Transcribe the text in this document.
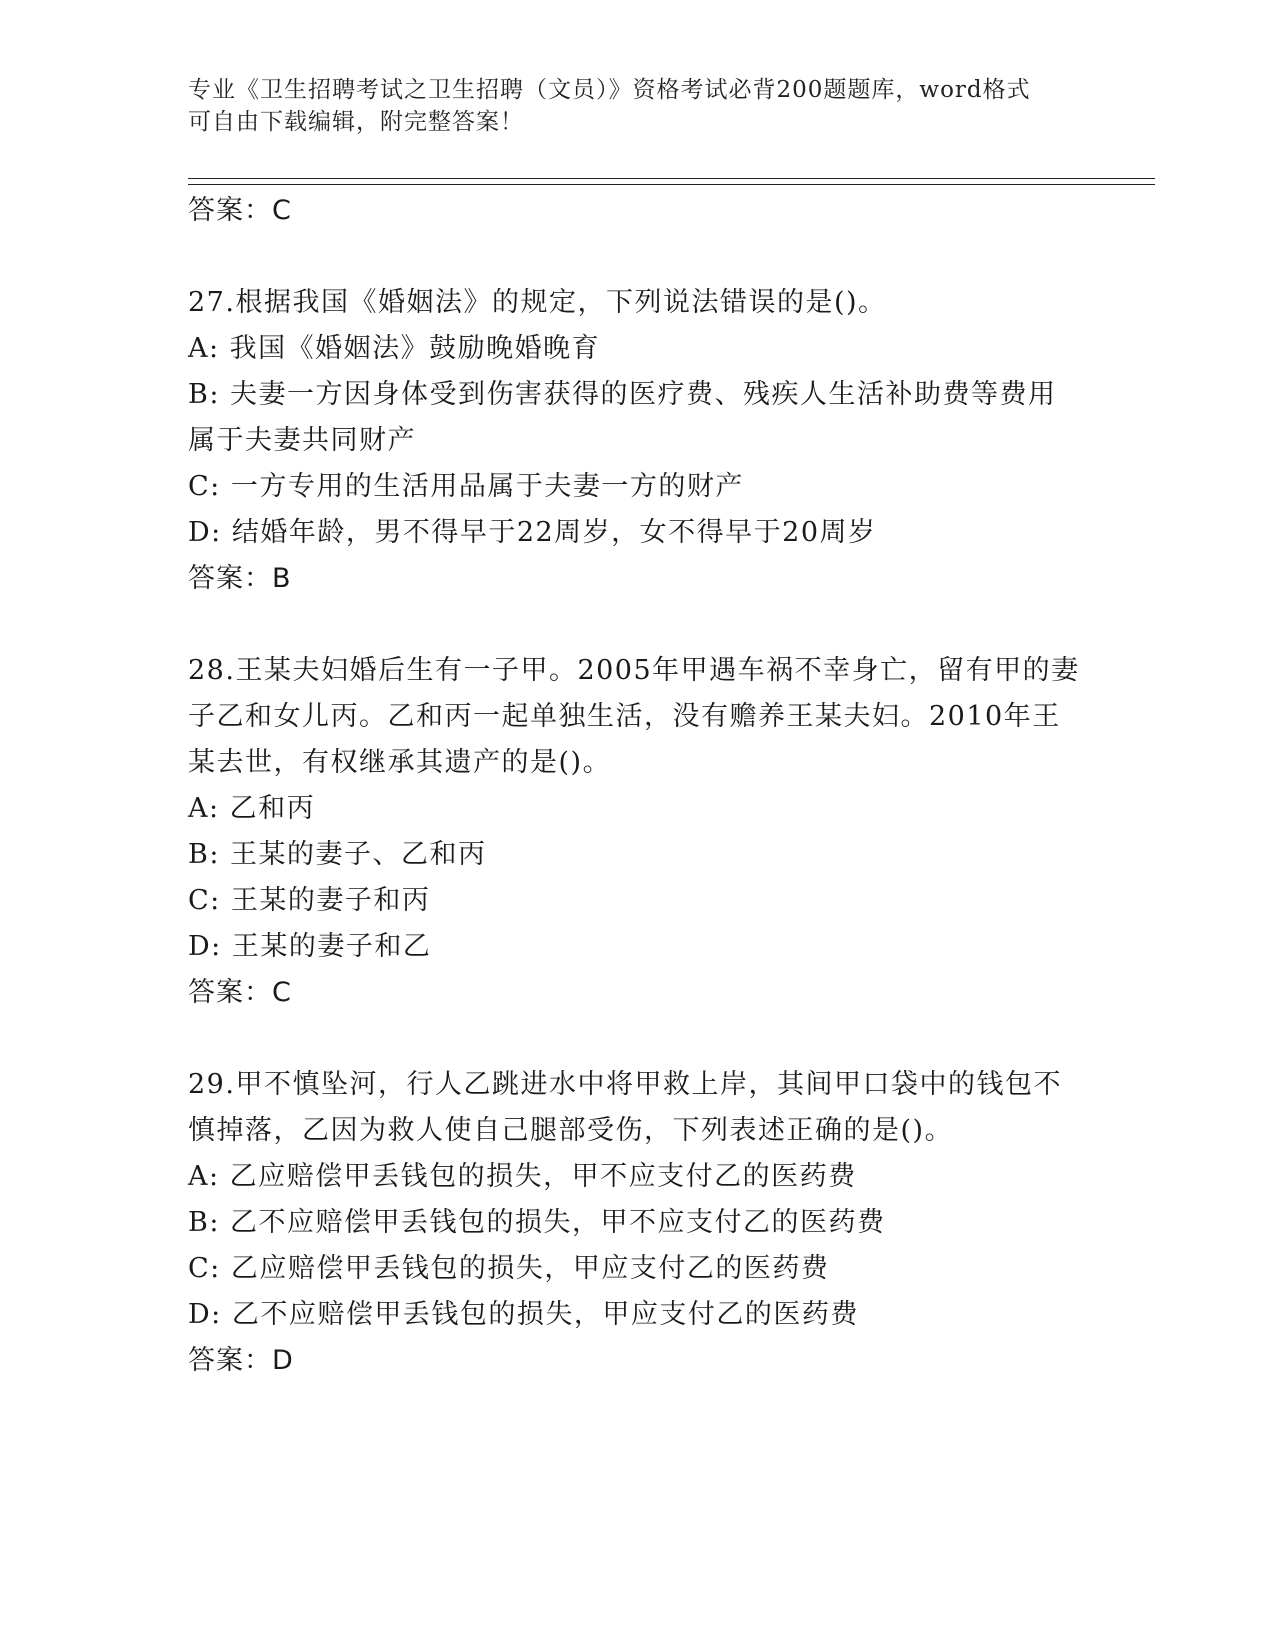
专业《卫生招聘考试之卫生招聘（文员）》资格考试必背200题题库，word格式
可自由下载编辑，附完整答案！
答案：C
27.根据我国《婚姻法》的规定，下列说法错误的是()。
A: 我国《婚姻法》鼓励晚婚晚育
B: 夫妻一方因身体受到伤害获得的医疗费、残疾人生活补助费等费用
属于夫妻共同财产
C: 一方专用的生活用品属于夫妻一方的财产
D: 结婚年龄，男不得早于22周岁，女不得早于20周岁
答案：B
28.王某夫妇婚后生有一子甲。2005年甲遇车祸不幸身亡，留有甲的妻
子乙和女儿丙。乙和丙一起单独生活，没有赡养王某夫妇。2010年王
某去世，有权继承其遗产的是()。
A: 乙和丙
B: 王某的妻子、乙和丙
C: 王某的妻子和丙
D: 王某的妻子和乙
答案：C
29.甲不慎坠河，行人乙跳进水中将甲救上岸，其间甲口袋中的钱包不
慎掉落，乙因为救人使自己腿部受伤，下列表述正确的是()。
A: 乙应赔偿甲丢钱包的损失，甲不应支付乙的医药费
B: 乙不应赔偿甲丢钱包的损失，甲不应支付乙的医药费
C: 乙应赔偿甲丢钱包的损失，甲应支付乙的医药费
D: 乙不应赔偿甲丢钱包的损失，甲应支付乙的医药费
答案：D
